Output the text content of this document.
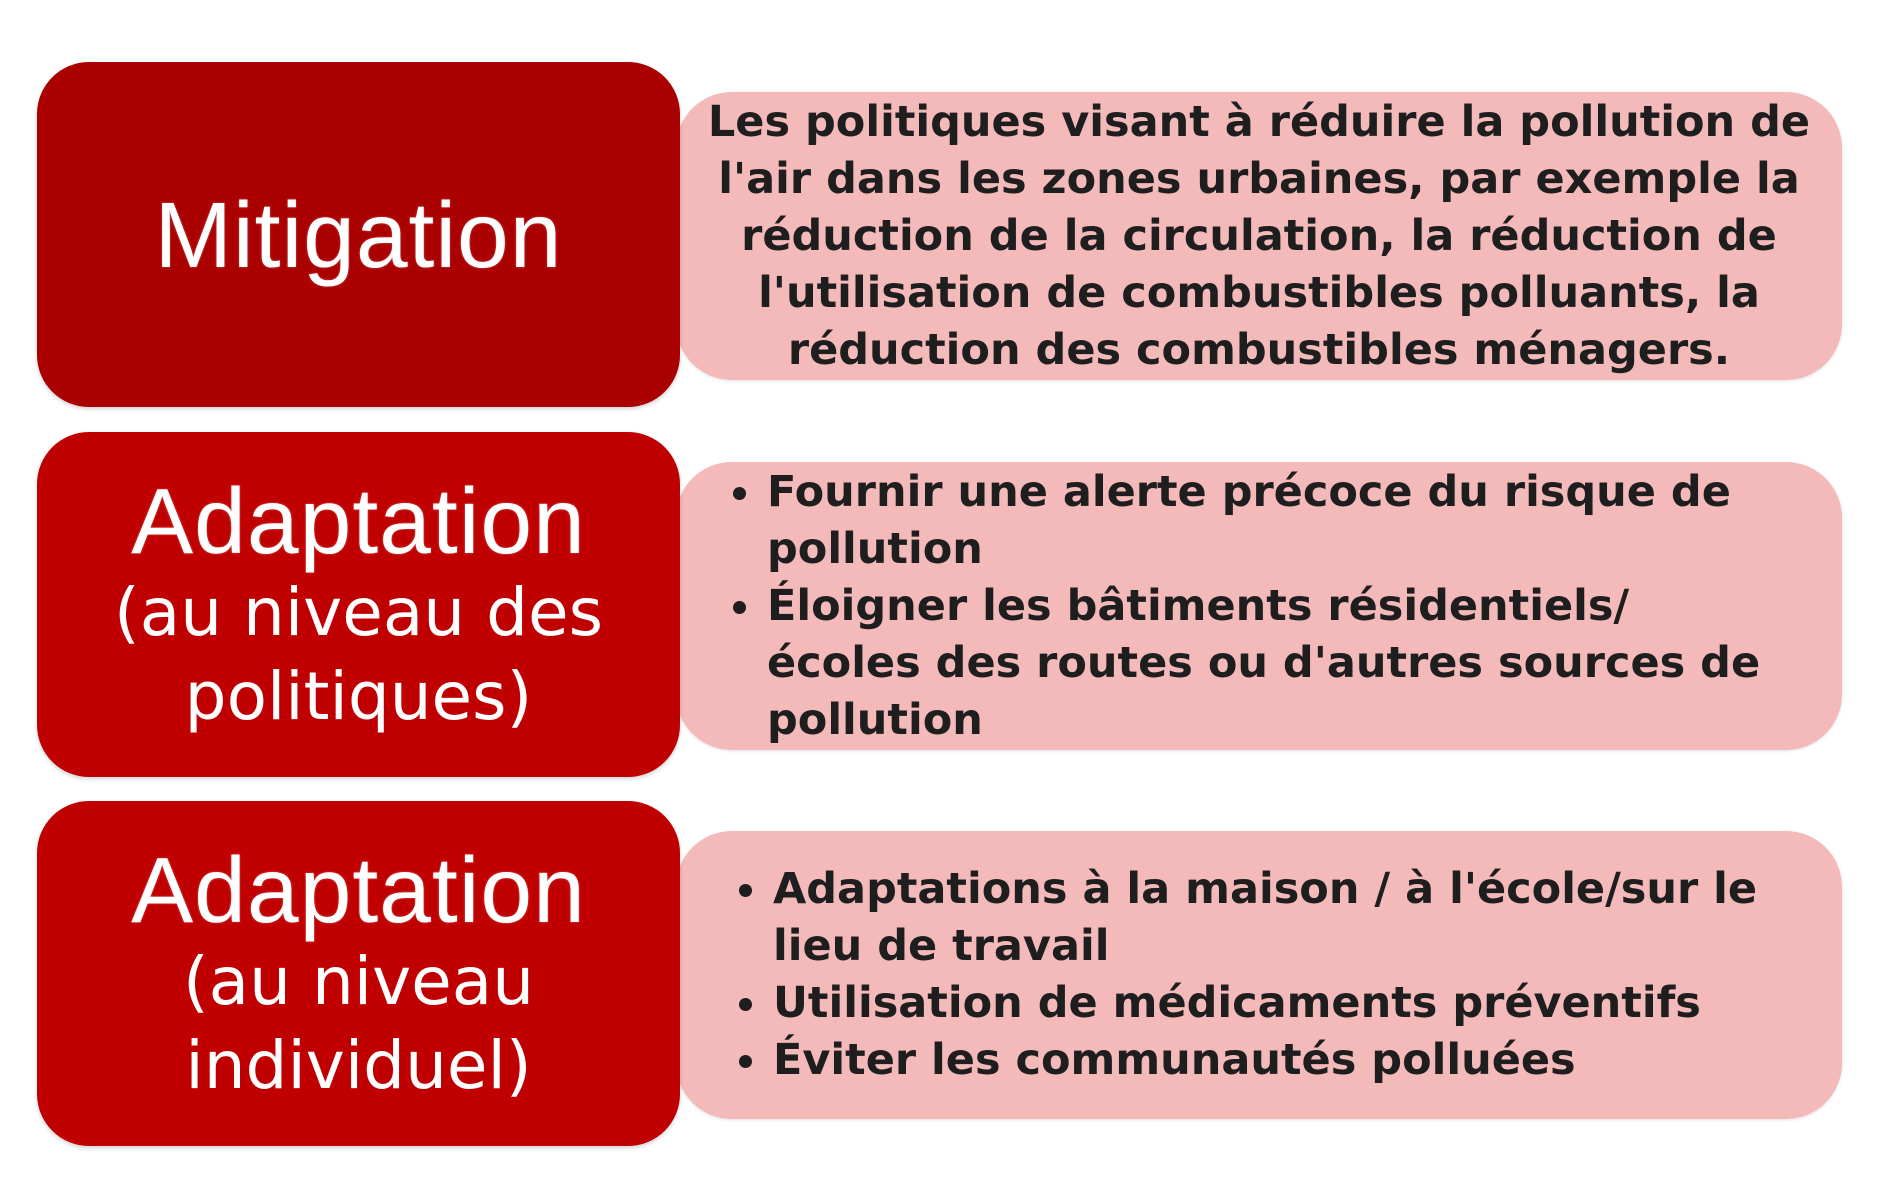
Mitigation
Les politiques visant à réduire la pollution de l'air dans les zones urbaines, par exemple la réduction de la circulation, la réduction de l'utilisation de combustibles polluants, la réduction des combustibles ménagers.
Adaptation
(au niveau des
politiques)
Fournir une alerte précoce du risque de pollution
Éloigner les bâtiments résidentiels/écoles des routes ou d'autres sources de pollution
Adaptation
(au niveau
individuel)
Adaptations à la maison / à l'école/sur le lieu de travail
Utilisation de médicaments préventifs
Éviter les communautés polluées
